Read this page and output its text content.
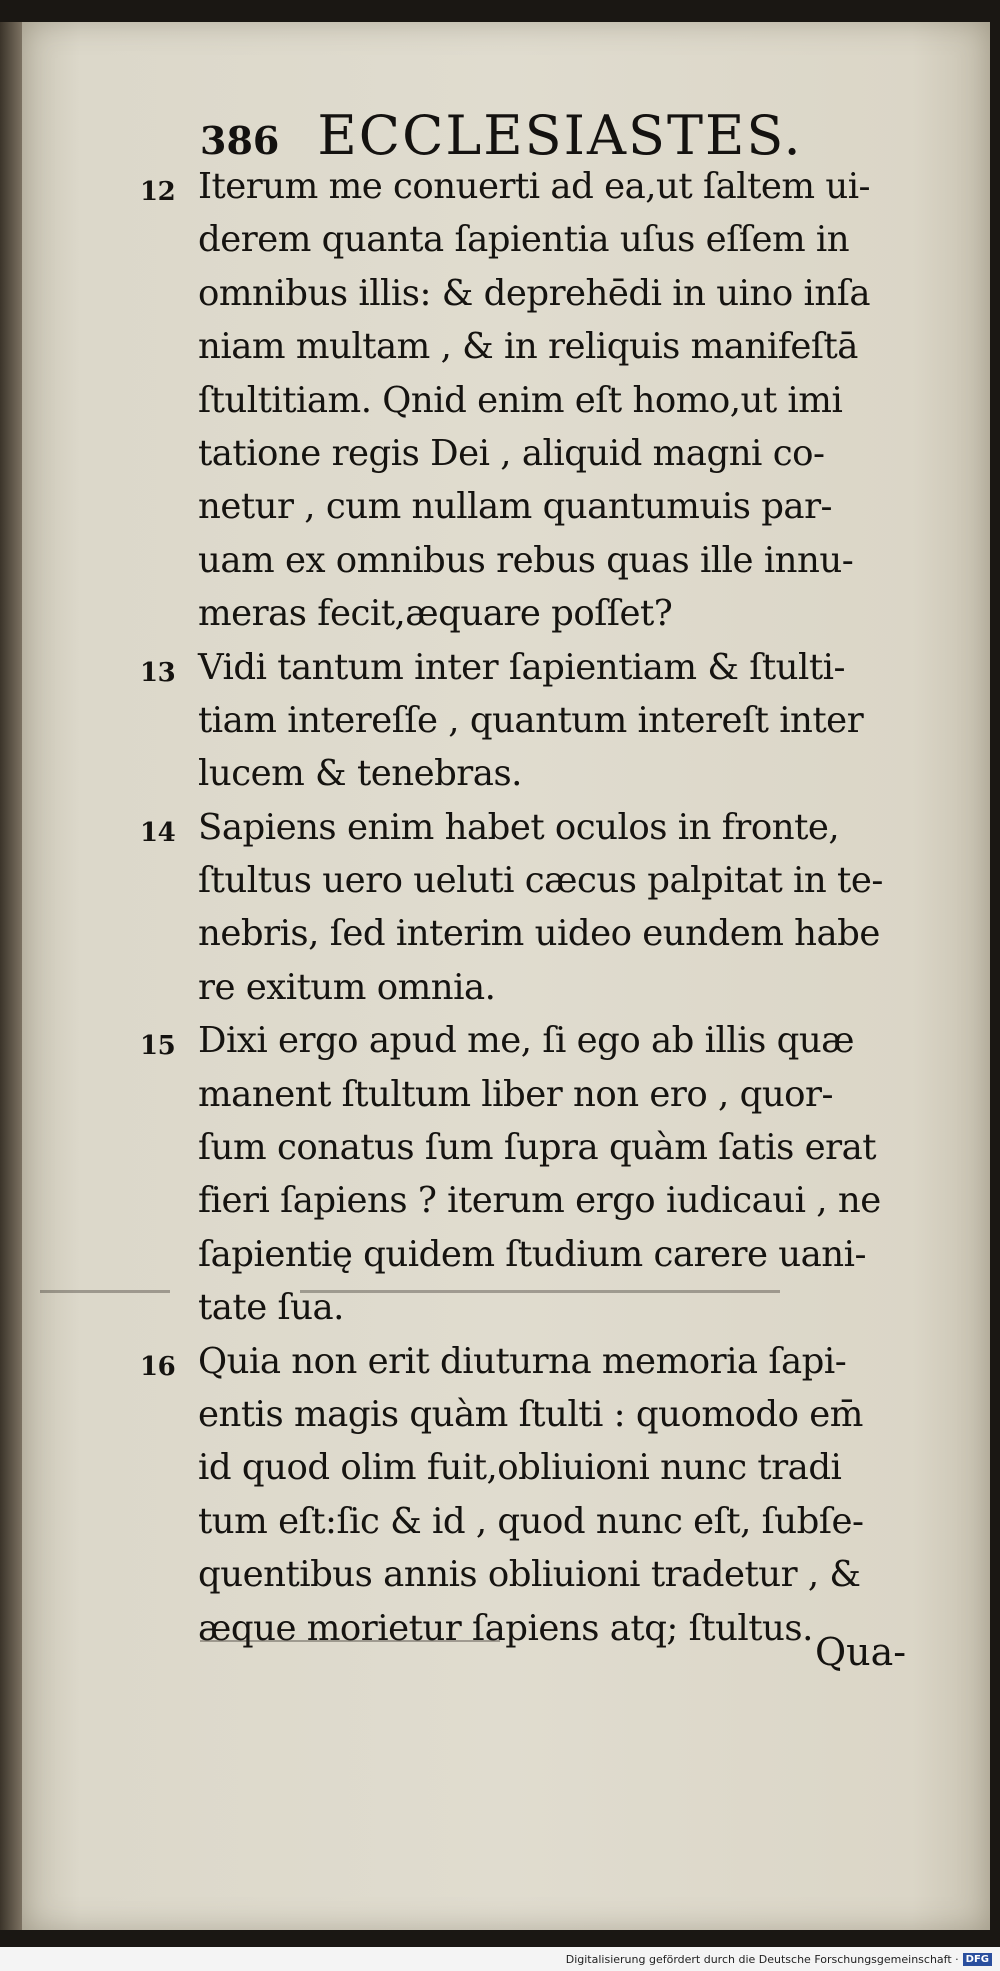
386 ECCLESIASTES.
12 Iterum me conuerti ad ea,ut ſaltem ui-
derem quanta ſapientia uſus eſſem in
omnibus illis: & deprehēdi in uino inſa
niam multam , & in reliquis manifeſtā
ſtultitiam. Qnid enim eſt homo,ut imi
tatione regis Dei , aliquid magni co-
netur , cum nullam quantumuis par-
uam ex omnibus rebus quas ille innu-
meras fecit,æquare poſſet?
13 Vidi tantum inter ſapientiam & ſtulti-
tiam intereſſe , quantum intereſt inter
lucem & tenebras.
14 Sapiens enim habet oculos in fronte,
ſtultus uero ueluti cæcus palpitat in te-
nebris, ſed interim uideo eundem habe
re exitum omnia.
15 Dixi ergo apud me, ſi ego ab illis quæ
manent ſtultum liber non ero , quor-
ſum conatus ſum ſupra quàm ſatis erat
fieri ſapiens ? iterum ergo iudicaui , ne
ſapientię quidem ſtudium carere uani-
tate ſua.
16 Quia non erit diuturna memoria ſapi-
entis magis quàm ſtulti : quomodo em̄
id quod olim fuit,obliuioni nunc tradi
tum eſt:ſic & id , quod nunc eſt, ſubſe-
quentibus annis obliuioni tradetur , &
æque morietur ſapiens atq; ſtultus.
Qua-
Digitalisierung gefördert durch die Deutsche Forschungsgemeinschaft · DFG
